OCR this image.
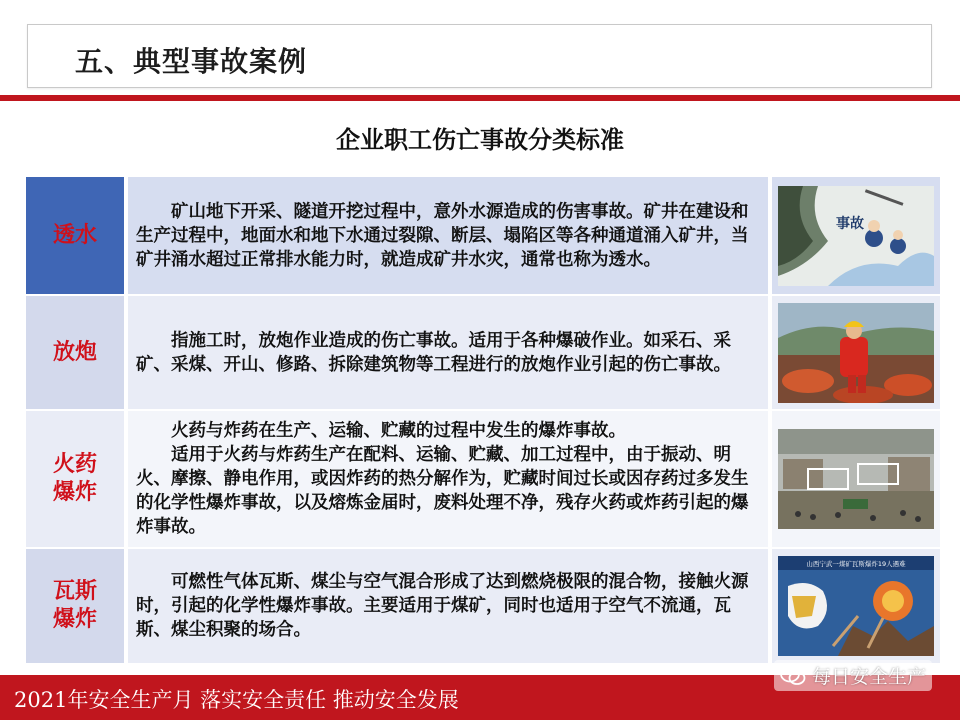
五、典型事故案例
企业职工伤亡事故分类标准
透水

矿山地下开采、隧道开挖过程中，意外水源造成的伤害事故。矿井在建设和生产过程中，地面水和地下水通过裂隙、断层、塌陷区等各种通道涌入矿井，当矿井涌水超过正常排水能力时，就造成矿井水灾，通常也称为透水。

事故
放炮	指施工时，放炮作业造成的伤亡事故。适用于各种爆破作业。如采石、采矿、采煤、开山、修路、拆除建筑物等工程进行的放炮作业引起的伤亡事故。

火药
爆炸

火药与炸药在生产、运输、贮藏的过程中发生的爆炸事故。

适用于火药与炸药生产在配料、运输、贮藏、加工过程中，由于振动、明火、摩擦、静电作用，或因炸药的热分解作为，贮藏时间过长或因存药过多发生的化学性爆炸事故，以及熔炼金届时，废料处理不净，残存火药或炸药引起的爆炸事故。

瓦斯
爆炸

可燃性气体瓦斯、煤尘与空气混合形成了达到燃烧极限的混合物，接触火源时，引起的化学性爆炸事故。主要适用于煤矿，同时也适用于空气不流通，瓦斯、煤尘积聚的场合。

山西宁武一煤矿瓦斯爆炸19人遇难
2021年安全生产月 落实安全责任 推动安全发展
每日安全生产
